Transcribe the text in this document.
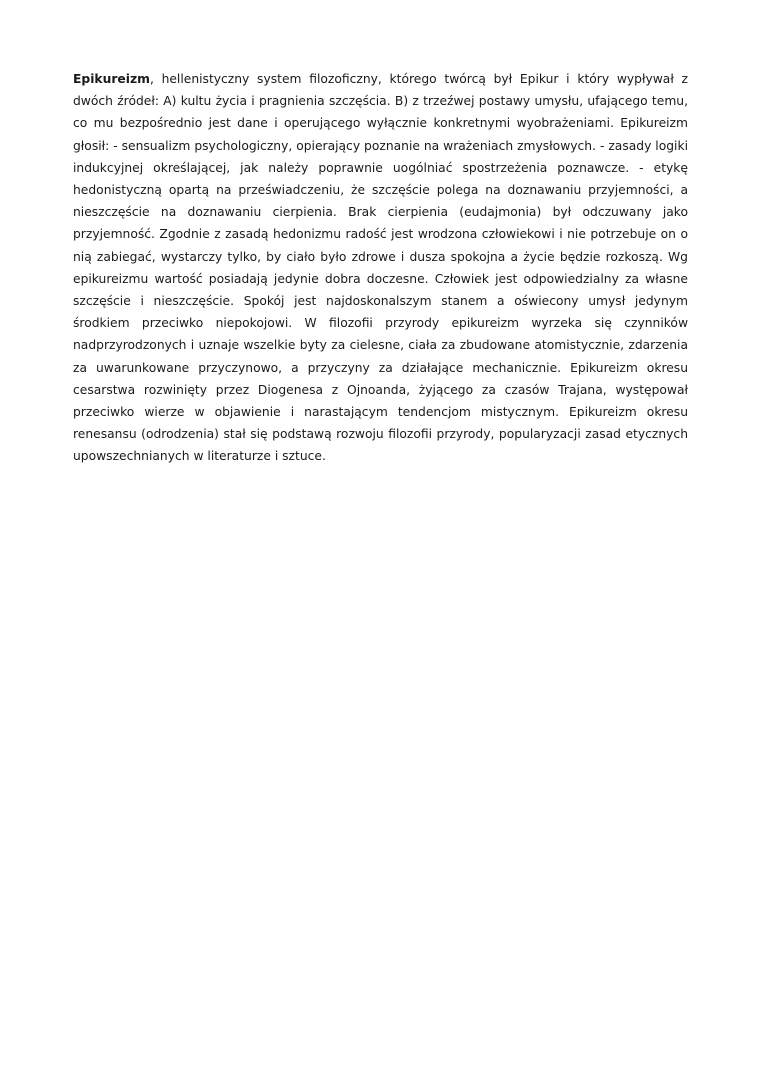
Epikureizm, hellenistyczny system filozoficzny, którego twórcą był Epikur i który wypływał z dwóch źródeł: A) kultu życia i pragnienia szczęścia. B) z trzeźwej postawy umysłu, ufającego temu, co mu bezpośrednio jest dane i operującego wyłącznie konkretnymi wyobrażeniami. Epikureizm głosił: - sensualizm psychologiczny, opierający poznanie na wrażeniach zmysłowych. - zasady logiki indukcyjnej określającej, jak należy poprawnie uogólniać spostrzeżenia poznawcze. - etykę hedonistyczną opartą na przeświadczeniu, że szczęście polega na doznawaniu przyjemności, a nieszczęście na doznawaniu cierpienia. Brak cierpienia (eudajmonia) był odczuwany jako przyjemność. Zgodnie z zasadą hedonizmu radość jest wrodzona człowiekowi i nie potrzebuje on o nią zabiegać, wystarczy tylko, by ciało było zdrowe i dusza spokojna a życie będzie rozkoszą. Wg epikureizmu wartość posiadają jedynie dobra doczesne. Człowiek jest odpowiedzialny za własne szczęście i nieszczęście. Spokój jest najdoskonalszym stanem a oświecony umysł jedynym środkiem przeciwko niepokojowi. W filozofii przyrody epikureizm wyrzeka się czynników nadprzyrodzonych i uznaje wszelkie byty za cielesne, ciała za zbudowane atomistycznie, zdarzenia za uwarunkowane przyczynowo, a przyczyny za działające mechanicznie. Epikureizm okresu cesarstwa rozwinięty przez Diogenesa z Ojnoanda, żyjącego za czasów Trajana, występował przeciwko wierze w objawienie i narastającym tendencjom mistycznym. Epikureizm okresu renesansu (odrodzenia) stał się podstawą rozwoju filozofii przyrody, popularyzacji zasad etycznych upowszechnianych w literaturze i sztuce.
